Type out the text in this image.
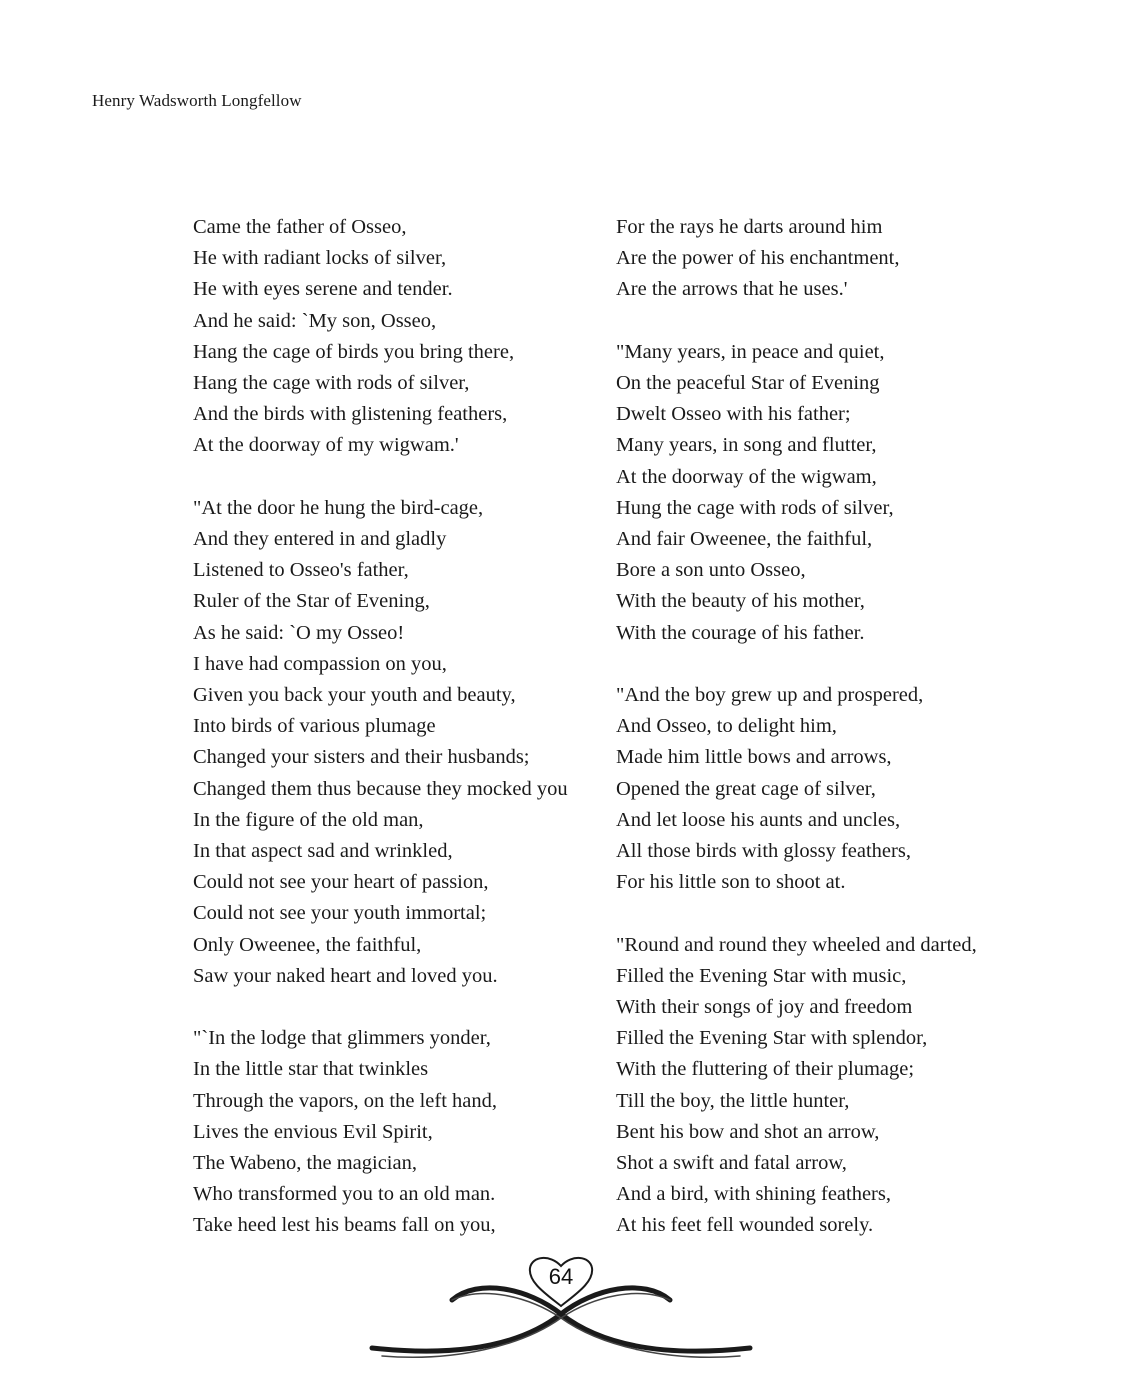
Henry Wadsworth Longfellow
Came the father of Osseo,
He with radiant locks of silver,
He with eyes serene and tender.
And he said: `My son, Osseo,
Hang the cage of birds you bring there,
Hang the cage with rods of silver,
And the birds with glistening feathers,
At the doorway of my wigwam.'
"At the door he hung the bird-cage,
And they entered in and gladly
Listened to Osseo's father,
Ruler of the Star of Evening,
As he said: `O my Osseo!
I have had compassion on you,
Given you back your youth and beauty,
Into birds of various plumage
Changed your sisters and their husbands;
Changed them thus because they mocked you
In the figure of the old man,
In that aspect sad and wrinkled,
Could not see your heart of passion,
Could not see your youth immortal;
Only Oweenee, the faithful,
Saw your naked heart and loved you.
"`In the lodge that glimmers yonder,
In the little star that twinkles
Through the vapors, on the left hand,
Lives the envious Evil Spirit,
The Wabeno, the magician,
Who transformed you to an old man.
Take heed lest his beams fall on you,
For the rays he darts around him
Are the power of his enchantment,
Are the arrows that he uses.'
"Many years, in peace and quiet,
On the peaceful Star of Evening
Dwelt Osseo with his father;
Many years, in song and flutter,
At the doorway of the wigwam,
Hung the cage with rods of silver,
And fair Oweenee, the faithful,
Bore a son unto Osseo,
With the beauty of his mother,
With the courage of his father.
"And the boy grew up and prospered,
And Osseo, to delight him,
Made him little bows and arrows,
Opened the great cage of silver,
And let loose his aunts and uncles,
All those birds with glossy feathers,
For his little son to shoot at.
"Round and round they wheeled and darted,
Filled the Evening Star with music,
With their songs of joy and freedom
Filled the Evening Star with splendor,
With the fluttering of their plumage;
Till the boy, the little hunter,
Bent his bow and shot an arrow,
Shot a swift and fatal arrow,
And a bird, with shining feathers,
At his feet fell wounded sorely.
64
